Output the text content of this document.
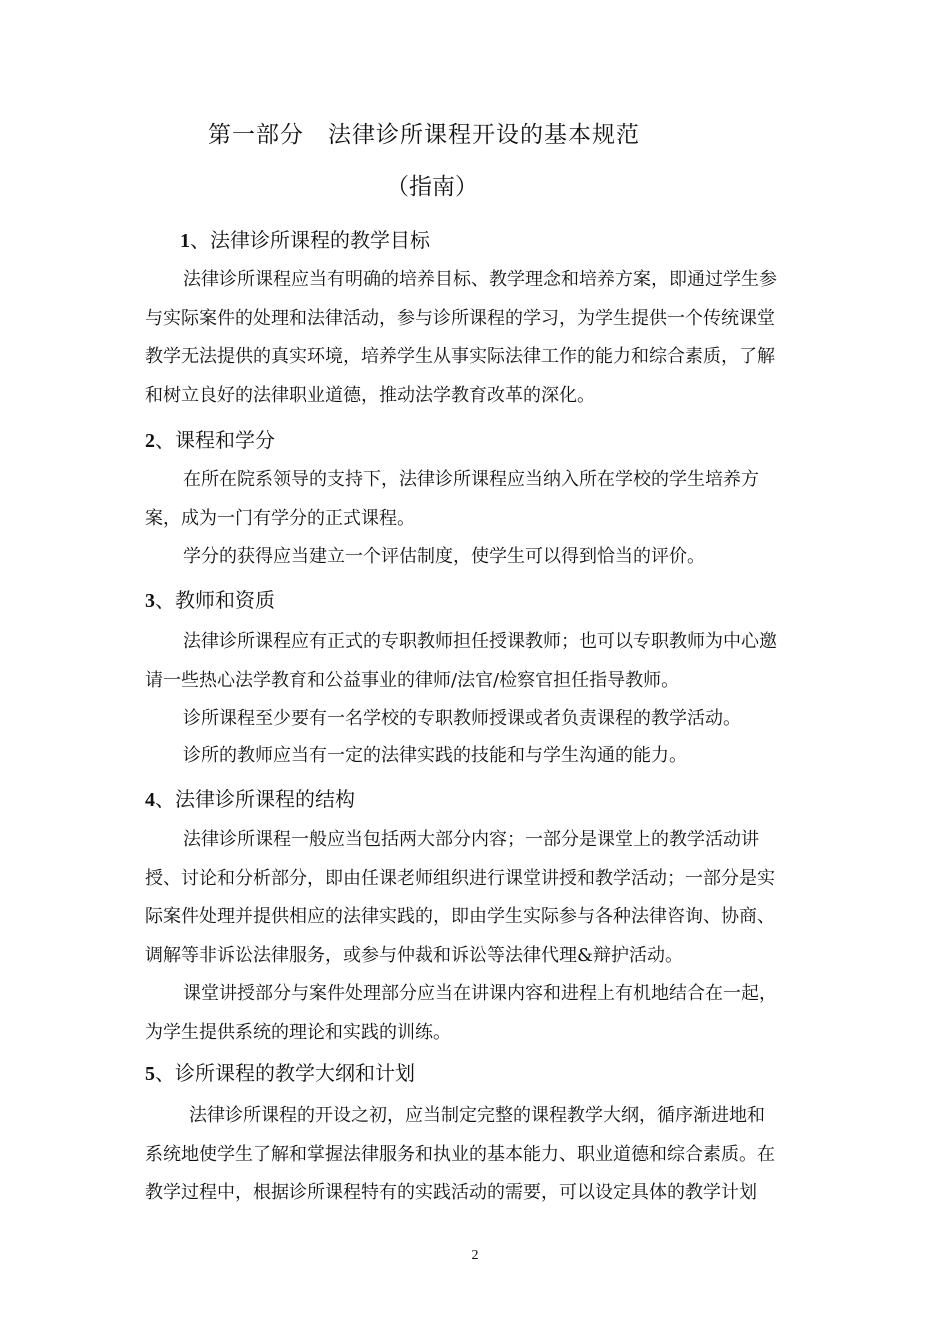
第一部分　法律诊所课程开设的基本规范
（指南）
1、法律诊所课程的教学目标
法律诊所课程应当有明确的培养目标、教学理念和培养方案，即通过学生参
与实际案件的处理和法律活动，参与诊所课程的学习，为学生提供一个传统课堂
教学无法提供的真实环境，培养学生从事实际法律工作的能力和综合素质，了解
和树立良好的法律职业道德，推动法学教育改革的深化。
2、课程和学分
在所在院系领导的支持下，法律诊所课程应当纳入所在学校的学生培养方
案，成为一门有学分的正式课程。
学分的获得应当建立一个评估制度，使学生可以得到恰当的评价。
3、教师和资质
法律诊所课程应有正式的专职教师担任授课教师；也可以专职教师为中心邀
请一些热心法学教育和公益事业的律师/法官/检察官担任指导教师。
诊所课程至少要有一名学校的专职教师授课或者负责课程的教学活动。
诊所的教师应当有一定的法律实践的技能和与学生沟通的能力。
4、法律诊所课程的结构
法律诊所课程一般应当包括两大部分内容；一部分是课堂上的教学活动讲
授、讨论和分析部分，即由任课老师组织进行课堂讲授和教学活动；一部分是实
际案件处理并提供相应的法律实践的，即由学生实际参与各种法律咨询、协商、
调解等非诉讼法律服务，或参与仲裁和诉讼等法律代理&辩护活动。
课堂讲授部分与案件处理部分应当在讲课内容和进程上有机地结合在一起，
为学生提供系统的理论和实践的训练。
5、诊所课程的教学大纲和计划
法律诊所课程的开设之初，应当制定完整的课程教学大纲，循序渐进地和
系统地使学生了解和掌握法律服务和执业的基本能力、职业道德和综合素质。在
教学过程中，根据诊所课程特有的实践活动的需要，可以设定具体的教学计划
2
